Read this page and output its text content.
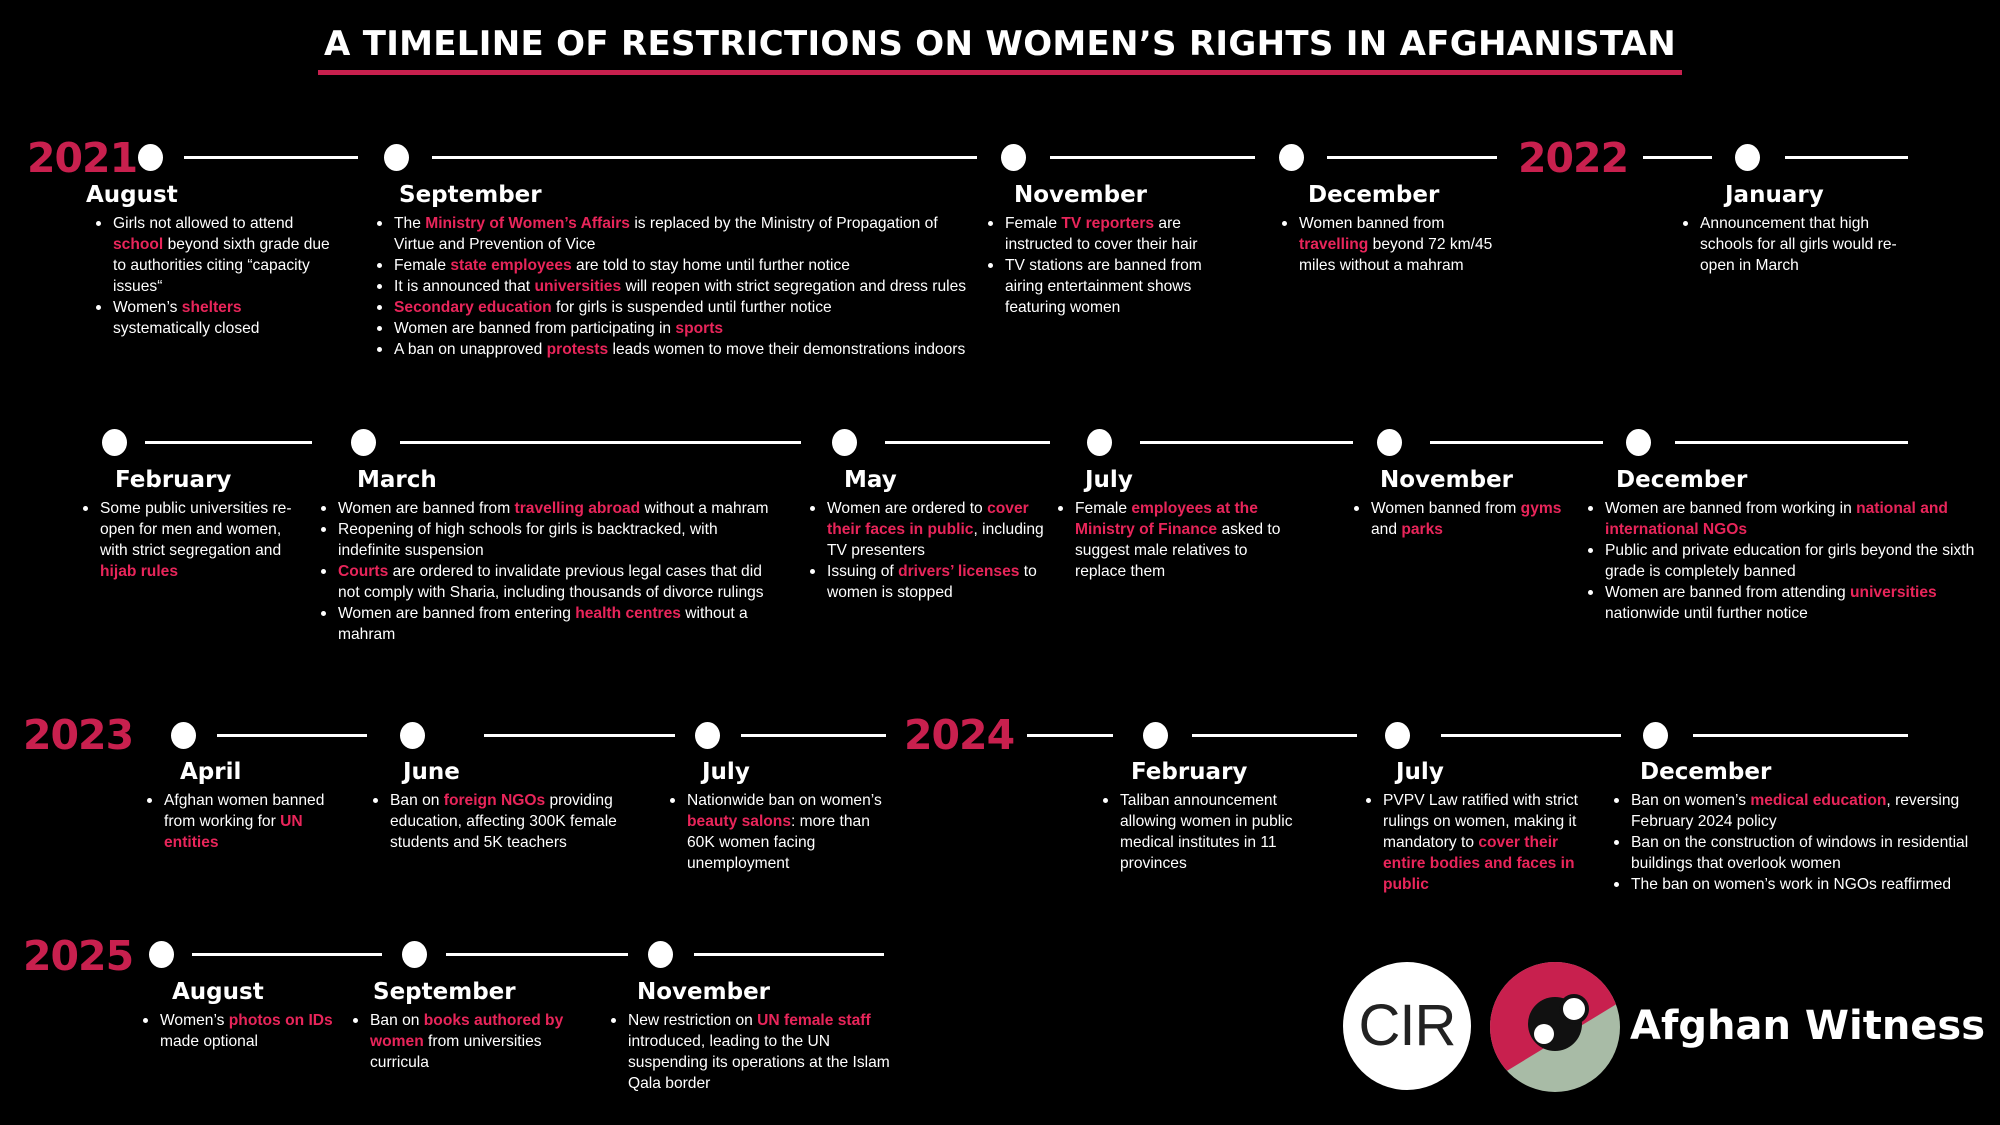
A TIMELINE OF RESTRICTIONS ON WOMEN’S RIGHTS IN AFGHANISTAN
2021	2022
2023	2024
2025
August
Girls not allowed to attend school beyond sixth grade due to authorities citing “capacity issues“
Women’s shelters systematically closed
September
The Ministry of Women’s Affairs is replaced by the Ministry of Propagation of Virtue and Prevention of Vice
Female state employees are told to stay home until further notice
It is announced that universities will reopen with strict segregation and dress rules
Secondary education for girls is suspended until further notice
Women are banned from participating in sports
A ban on unapproved protests leads women to move their demonstrations indoors
November
Female TV reporters are instructed to cover their hair
TV stations are banned from airing entertainment shows featuring women
December
Women banned from travelling beyond 72 km/45 miles without a mahram
January
Announcement that high schools for all girls would re-open in March
February
Some public universities re-open for men and women, with strict segregation and hijab rules
March
Women are banned from travelling abroad without a mahram
Reopening of high schools for girls is backtracked, with indefinite suspension
Courts are ordered to invalidate previous legal cases that did not comply with Sharia, including thousands of divorce rulings
Women are banned from entering health centres without a mahram
May
Women are ordered to cover their faces in public, including TV presenters
Issuing of drivers’ licenses to women is stopped
July
Female employees at the Ministry of Finance asked to suggest male relatives to replace them
November
Women banned from gyms and parks
December
Women are banned from working in national and international NGOs
Public and private education for girls beyond the sixth grade is completely banned
Women are banned from attending universities nationwide until further notice
April
Afghan women banned from working for UN entities
June
Ban on foreign NGOs providing education, affecting 300K female students and 5K teachers
July
Nationwide ban on women’s beauty salons: more than 60K women facing unemployment
February
Taliban announcement allowing women in public medical institutes in 11 provinces
July
PVPV Law ratified with strict rulings on women, making it mandatory to cover their entire bodies and faces in public
December
Ban on women’s medical education, reversing February 2024 policy
Ban on the construction of windows in residential buildings that overlook women
The ban on women’s work in NGOs reaffirmed
August
Women’s photos on IDs made optional
September
Ban on books authored by women from universities curricula
November
New restriction on UN female staff introduced, leading to the UN suspending its operations at the Islam Qala border
CIR	Afghan Witness
